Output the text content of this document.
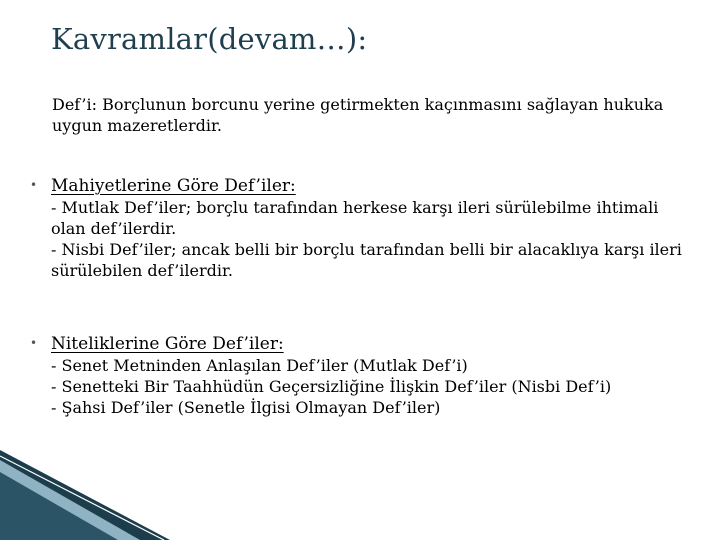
Kavramlar(devam…):
Def’i: Borçlunun borcunu yerine getirmekten kaçınmasını sağlayan hukuka uygun mazeretlerdir.
• Mahiyetlerine Göre Def’iler:
- Mutlak Def’iler; borçlu tarafından herkese karşı ileri sürülebilme ihtimali olan def’ilerdir.
- Nisbi Def’iler; ancak belli bir borçlu tarafından belli bir alacaklıya karşı ileri sürülebilen def’ilerdir.
• Niteliklerine Göre Def’iler:
- Senet Metninden Anlaşılan Def’iler (Mutlak Def’i)
- Senetteki Bir Taahhüdün Geçersizliğine İlişkin Def’iler (Nisbi Def’i)
- Şahsi Def’iler (Senetle İlgisi Olmayan Def’iler)
